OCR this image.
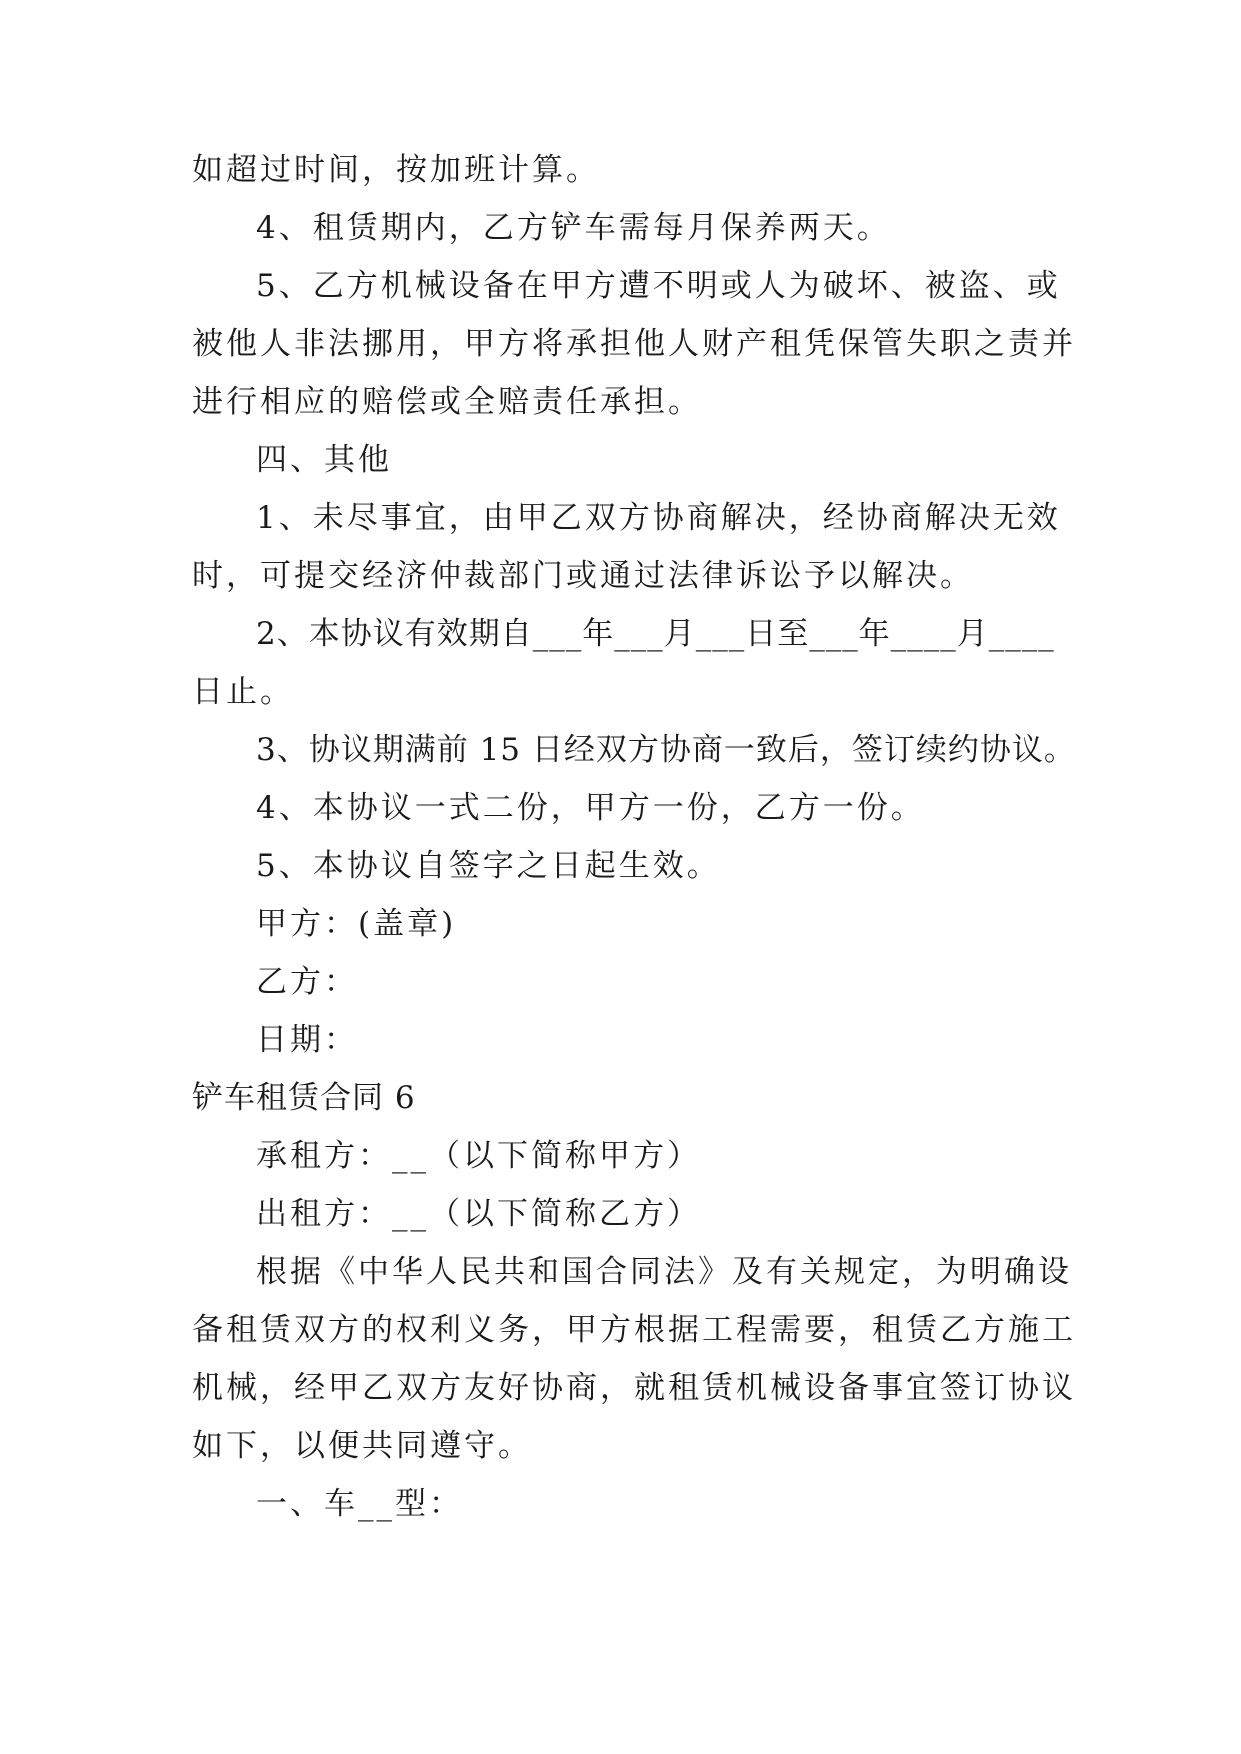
如超过时间，按加班计算。
4、租赁期内，乙方铲车需每月保养两天。
5、乙方机械设备在甲方遭不明或人为破坏、被盗、或
被他人非法挪用，甲方将承担他人财产租凭保管失职之责并
进行相应的赔偿或全赔责任承担。
四、其他
1、未尽事宜，由甲乙双方协商解决，经协商解决无效
时，可提交经济仲裁部门或通过法律诉讼予以解决。
2、本协议有效期自___年___月___日至___年____月____
日止。
3、协议期满前 15 日经双方协商一致后，签订续约协议。
4、本协议一式二份，甲方一份，乙方一份。
5、本协议自签字之日起生效。
甲方：(盖章)
乙方：
日期：
铲车租赁合同 6
承租方：__（以下简称甲方）
出租方：__（以下简称乙方）
根据《中华人民共和国合同法》及有关规定，为明确设
备租赁双方的权利义务，甲方根据工程需要，租赁乙方施工
机械，经甲乙双方友好协商，就租赁机械设备事宜签订协议
如下，以便共同遵守。
一、车__型：
